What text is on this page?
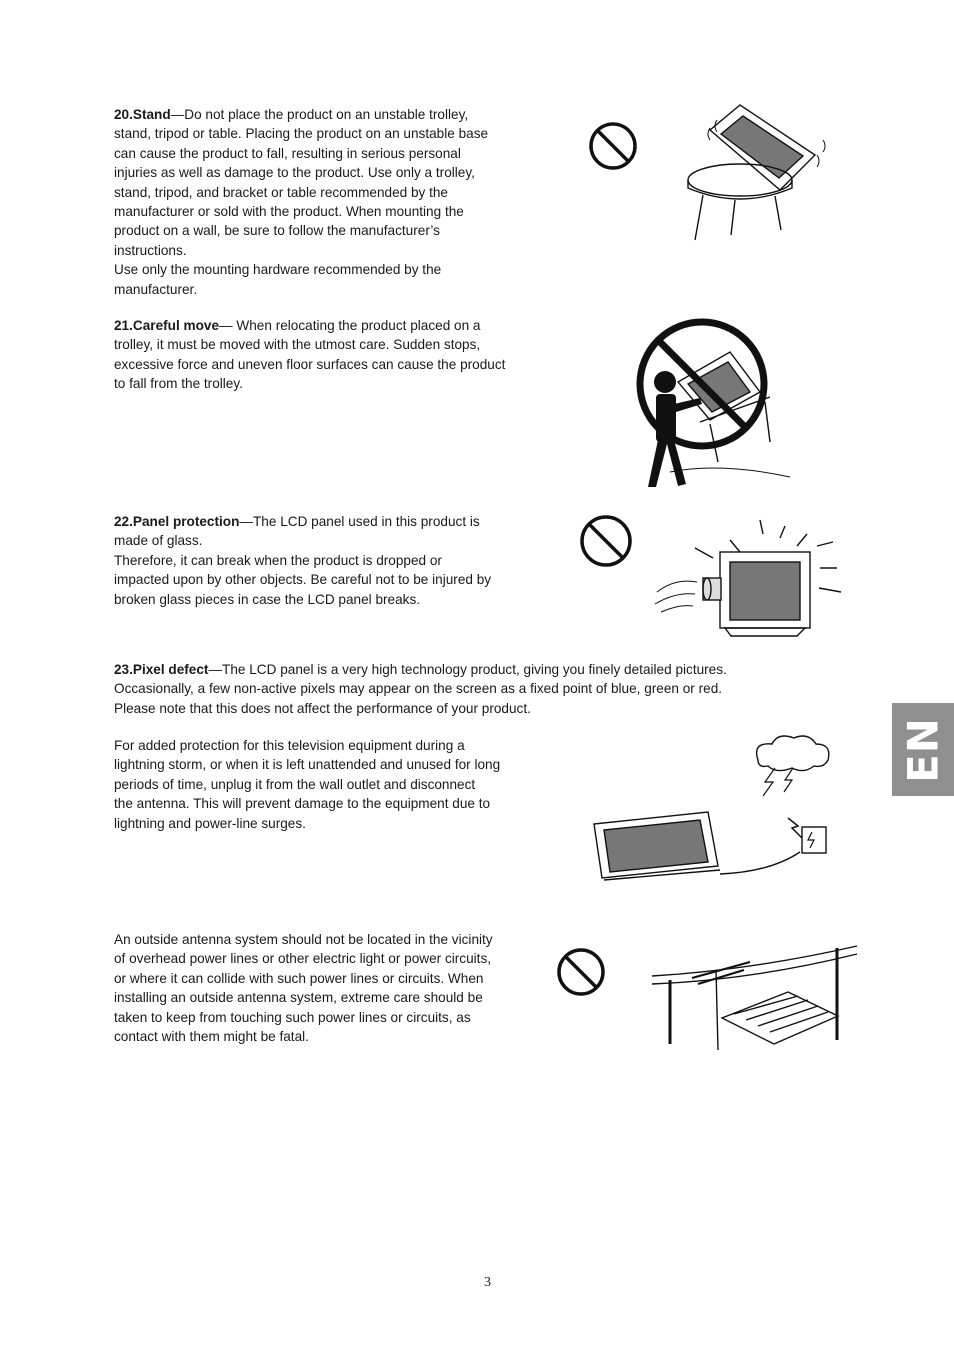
20.Stand—Do not place the product on an unstable trolley,
stand, tripod or table. Placing the product on an unstable base
can cause the product to fall, resulting in serious personal
injuries as well as damage to the product. Use only a trolley,
stand, tripod, and bracket or table recommended by the
manufacturer or sold with the product. When mounting the
product on a wall, be sure to follow the manufacturer’s
instructions.
Use only the mounting hardware recommended by the
manufacturer.

21.Careful move— When relocating the product placed on a
trolley, it must be moved with the utmost care. Sudden stops,
excessive force and uneven floor surfaces can cause the product
to fall from the trolley.

22.Panel protection—The LCD panel used in this product is
made of glass.
Therefore, it can break when the product is dropped or
impacted upon by other objects. Be careful not to be injured by
broken glass pieces in case the LCD panel breaks.

23.Pixel defect—The LCD panel is a very high technology product, giving you finely detailed pictures.
Occasionally, a few non-active pixels may appear on the screen as a fixed point of blue, green or red.
Please note that this does not affect the performance of your product.

For added protection for this television equipment during a
lightning storm, or when it is left unattended and unused for long
periods of time, unplug it from the wall outlet and disconnect
the antenna. This will prevent damage to the equipment due to
lightning and power-line surges.

An outside antenna system should not be located in the vicinity
of overhead power lines or other electric light or power circuits,
or where it can collide with such power lines or circuits. When
installing an outside antenna system, extreme care should be
taken to keep from touching such power lines or circuits, as
contact with them might be fatal.

EN
3
